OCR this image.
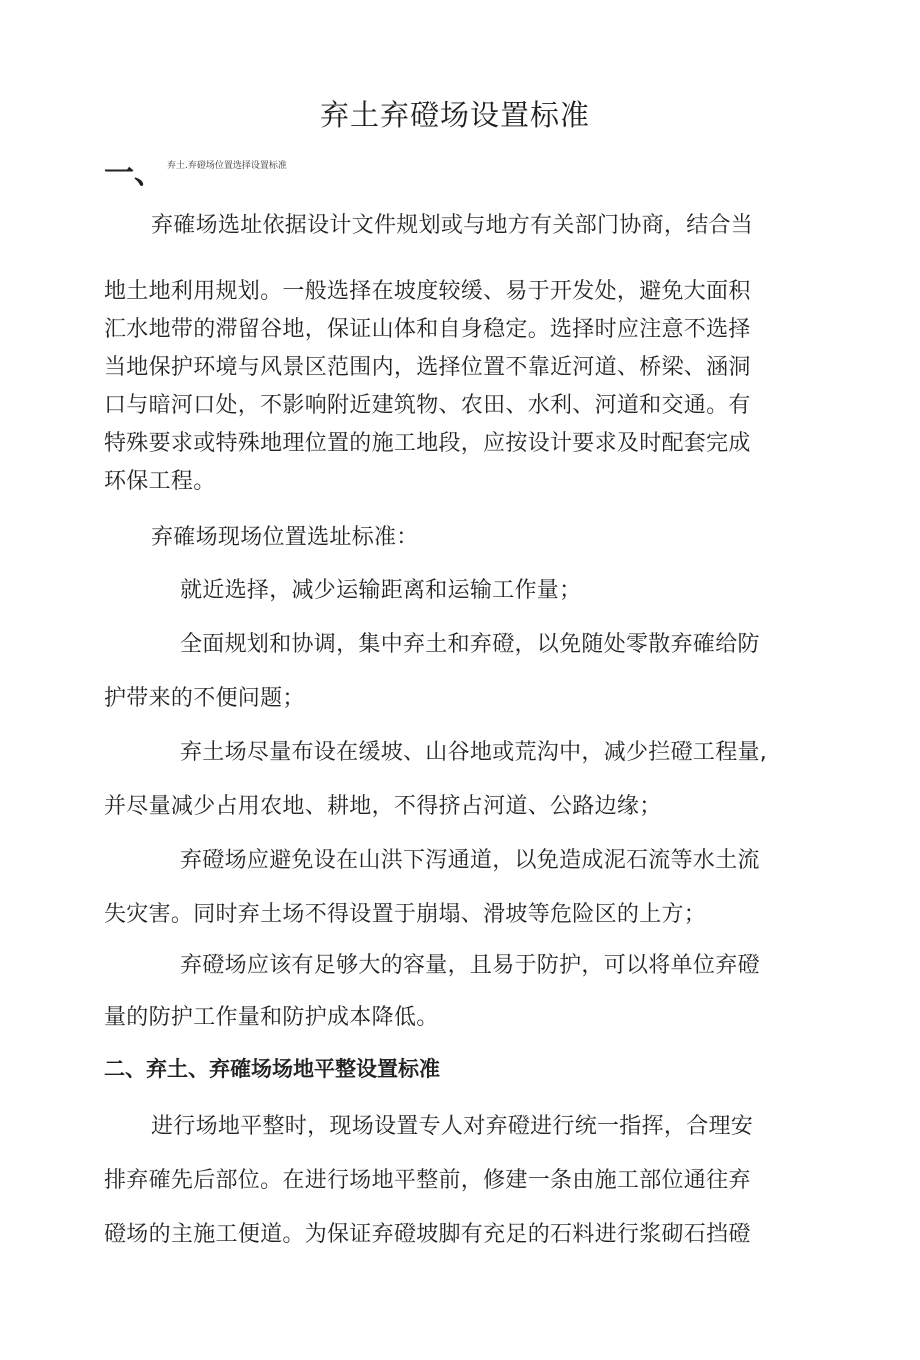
弃土弃磴场设置标准
一、 弃土.弃磴场位置选择设置标准
弃確场选址依据设计文件规划或与地方有关部门协商，结合当
地土地利用规划。一般选择在坡度较缓、易于开发处，避免大面积
汇水地带的滞留谷地，保证山体和自身稳定。选择时应注意不选择
当地保护环境与风景区范围内，选择位置不靠近河道、桥梁、涵洞
口与暗河口处，不影响附近建筑物、农田、水利、河道和交通。有
特殊要求或特殊地理位置的施工地段，应按设计要求及时配套完成
环保工程。
弃確场现场位置选址标准：
就近选择，减少运输距离和运输工作量；
全面规划和协调，集中弃土和弃磴，以免随处零散弃確给防
护带来的不便问题；
弃土场尽量布设在缓坡、山谷地或荒沟中，减少拦磴工程量,
并尽量减少占用农地、耕地，不得挤占河道、公路边缘；
弃磴场应避免设在山洪下泻通道，以免造成泥石流等水土流
失灾害。同时弃土场不得设置于崩塌、滑坡等危险区的上方；
弃磴场应该有足够大的容量，且易于防护，可以将单位弃磴
量的防护工作量和防护成本降低。
二、弃土、弃確场场地平整设置标准
进行场地平整时，现场设置专人对弃磴进行统一指挥，合理安
排弃確先后部位。在进行场地平整前，修建一条由施工部位通往弃
磴场的主施工便道。为保证弃磴坡脚有充足的石料进行浆砌石挡磴
